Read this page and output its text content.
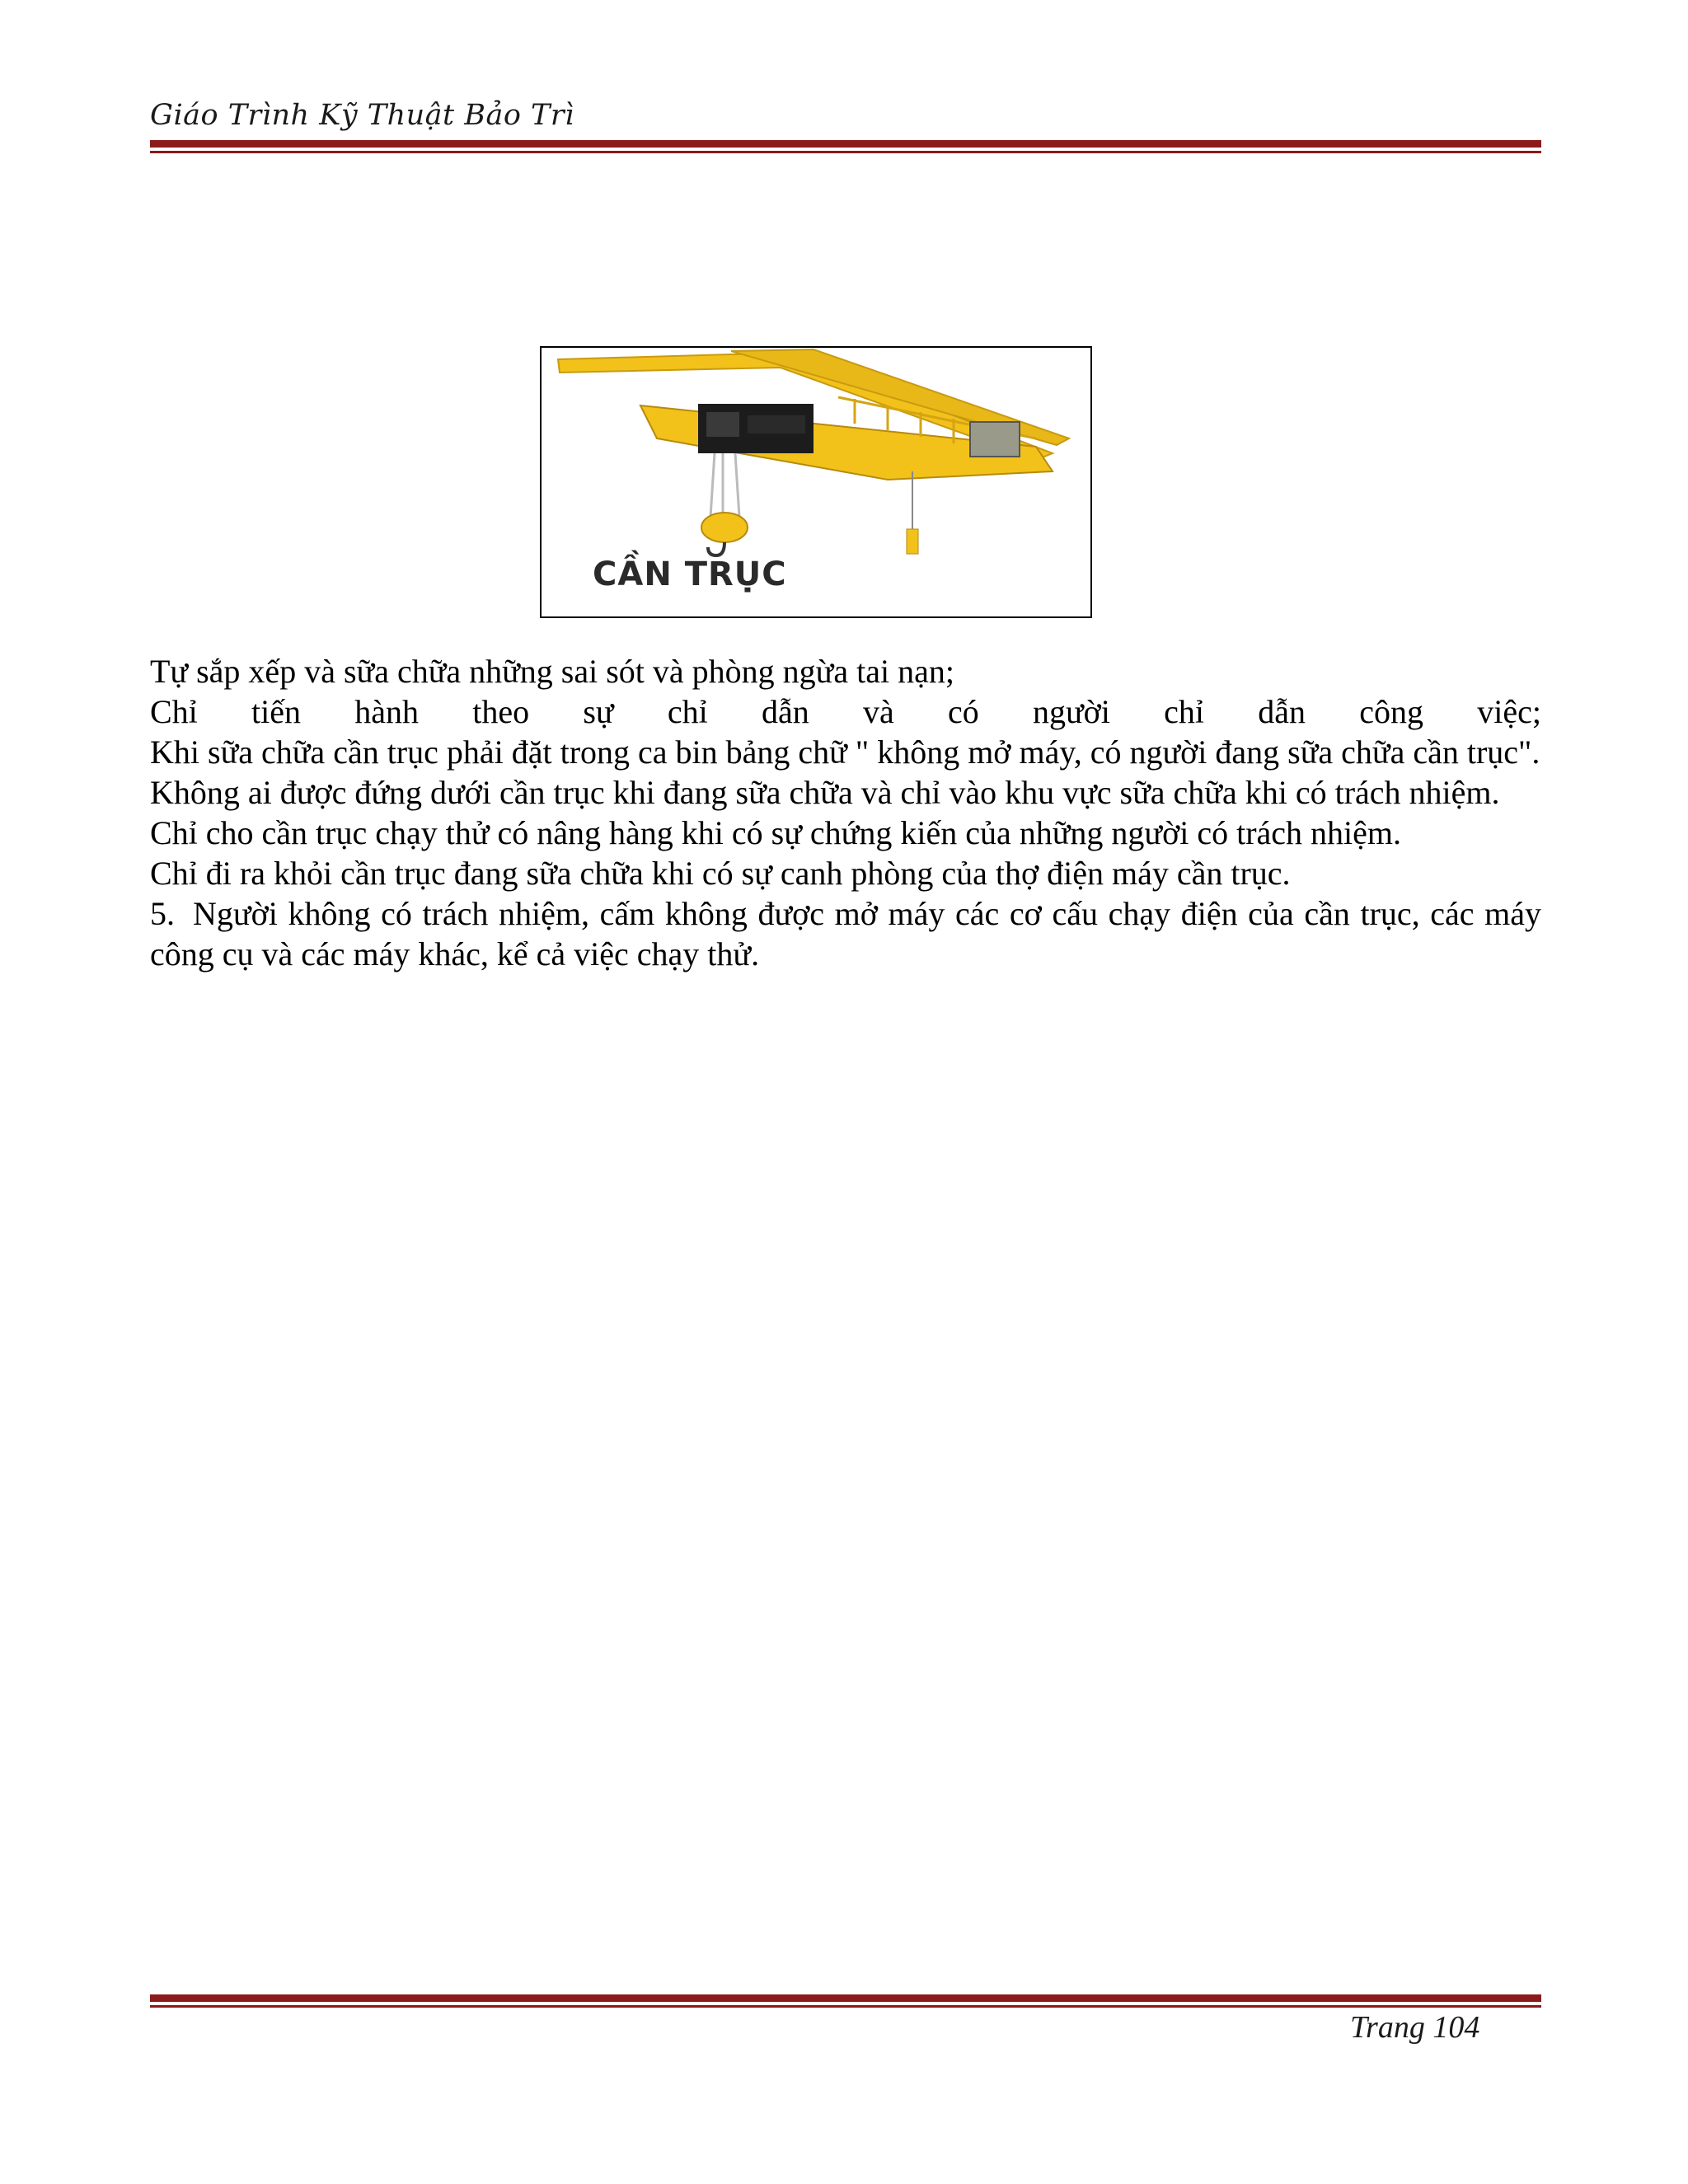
Giáo Trình Kỹ Thuật Bảo Trì
CẦN TRỤC

Tự sắp xếp và sữa chữa những sai sót và phòng ngừa tai nạn;

Chỉ tiến hành theo sự chỉ dẫn và có người chỉ dẫn công việc;

Khi sữa chữa cần trục phải đặt trong ca bin bảng chữ " không mở máy, có người đang sữa chữa cần trục".

Không ai được đứng dưới cần trục khi đang sữa chữa và chỉ vào khu vực sữa chữa khi có trách nhiệm.

Chỉ cho cần trục chạy thử có nâng hàng khi có sự chứng kiến của những người có trách nhiệm.

Chỉ đi ra khỏi cần trục đang sữa chữa khi có sự canh phòng của thợ điện máy cần trục.

5. Người không có trách nhiệm, cấm không được mở máy các cơ cấu chạy điện của cần trục, các máy công cụ và các máy khác, kể cả việc chạy thử.

Trang 104
